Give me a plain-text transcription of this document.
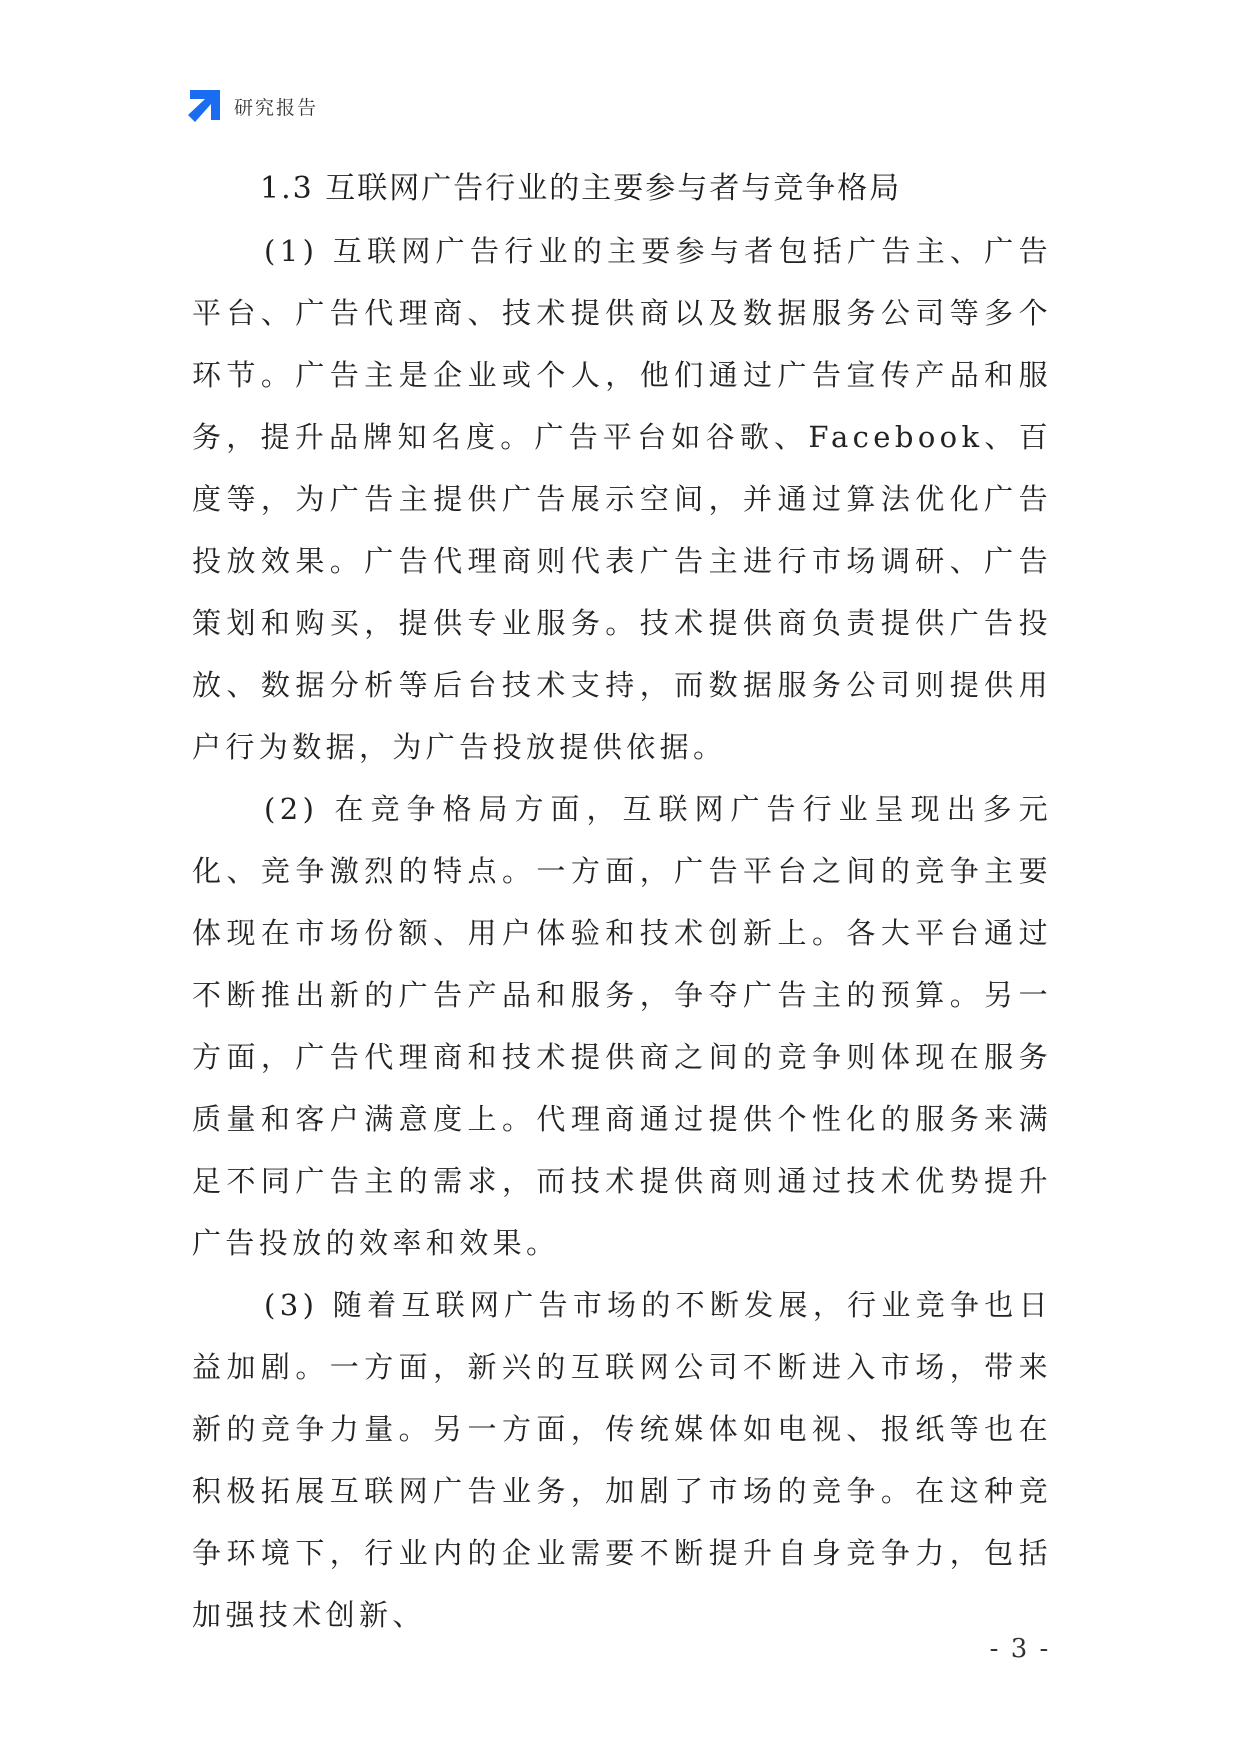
研究报告
1.3 互联网广告行业的主要参与者与竞争格局

(1) 互联网广告行业的主要参与者包括广告主、广告平台、广告代理商、技术提供商以及数据服务公司等多个环节。广告主是企业或个人，他们通过广告宣传产品和服务，提升品牌知名度。广告平台如谷歌、Facebook、百度等，为广告主提供广告展示空间，并通过算法优化广告投放效果。广告代理商则代表广告主进行市场调研、广告策划和购买，提供专业服务。技术提供商负责提供广告投放、数据分析等后台技术支持，而数据服务公司则提供用户行为数据，为广告投放提供依据。

(2) 在竞争格局方面，互联网广告行业呈现出多元化、竞争激烈的特点。一方面，广告平台之间的竞争主要体现在市场份额、用户体验和技术创新上。各大平台通过不断推出新的广告产品和服务，争夺广告主的预算。另一方面，广告代理商和技术提供商之间的竞争则体现在服务质量和客户满意度上。代理商通过提供个性化的服务来满足不同广告主的需求，而技术提供商则通过技术优势提升广告投放的效率和效果。

(3) 随着互联网广告市场的不断发展，行业竞争也日益加剧。一方面，新兴的互联网公司不断进入市场，带来新的竞争力量。另一方面，传统媒体如电视、报纸等也在积极拓展互联网广告业务，加剧了市场的竞争。在这种竞争环境下，行业内的企业需要不断提升自身竞争力，包括加强技术创新、

- 3 -
